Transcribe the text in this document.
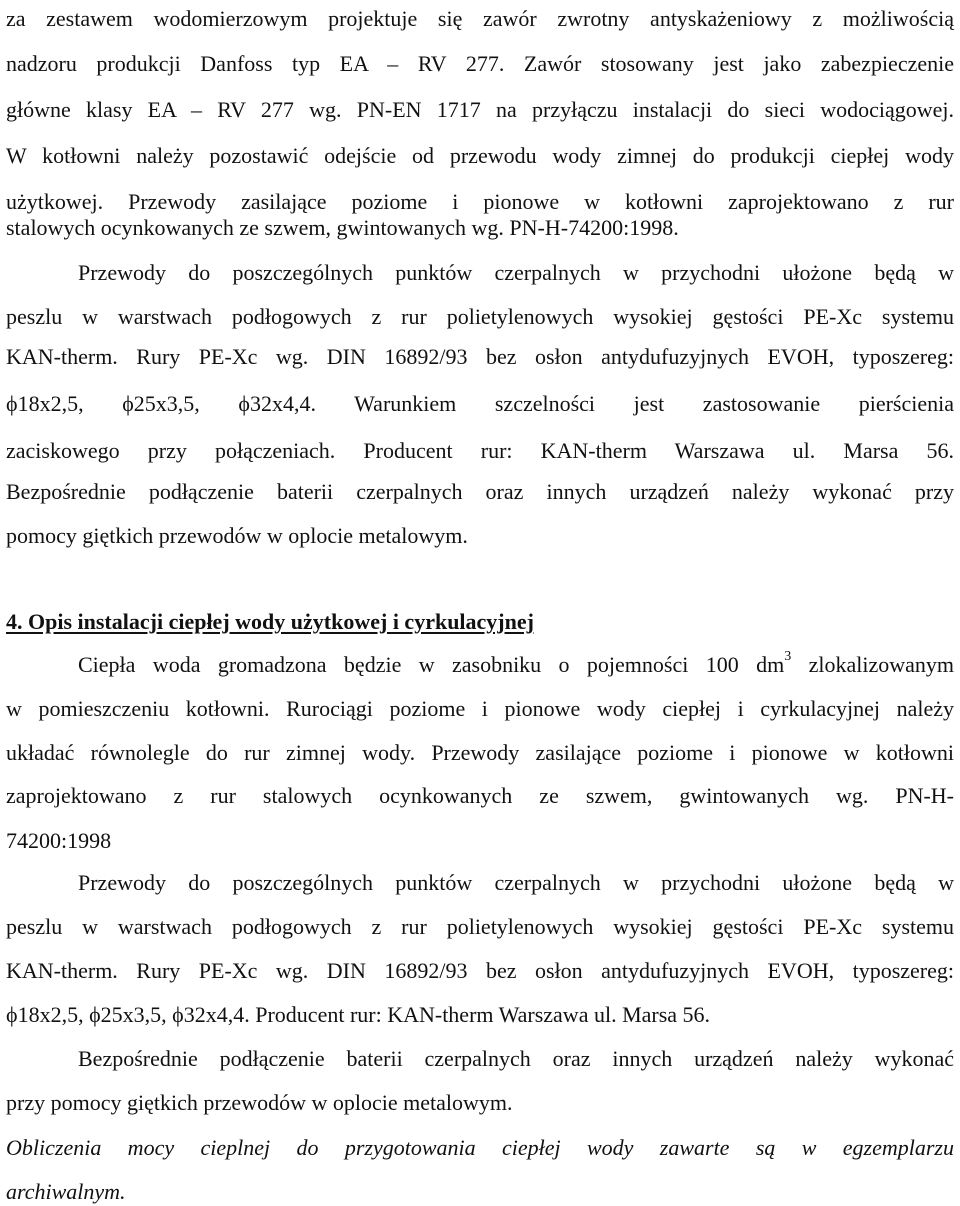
za zestawem wodomierzowym projektuje się zawór zwrotny antyskażeniowy z możliwością
nadzoru produkcji Danfoss typ EA – RV 277. Zawór stosowany jest jako zabezpieczenie
główne klasy EA – RV 277 wg. PN-EN 1717 na przyłączu instalacji do sieci wodociągowej.
W kotłowni należy pozostawić odejście od przewodu wody zimnej do produkcji ciepłej wody
użytkowej. Przewody zasilające poziome i pionowe w kotłowni zaprojektowano z rur
stalowych ocynkowanych ze szwem, gwintowanych wg. PN-H-74200:1998.
Przewody do poszczególnych punktów czerpalnych w przychodni ułożone będą w
peszlu w warstwach podłogowych z rur polietylenowych wysokiej gęstości PE-Xc systemu
KAN-therm. Rury PE-Xc wg. DIN 16892/93 bez osłon antydufuzyjnych EVOH, typoszereg:
ϕ18x2,5, ϕ25x3,5, ϕ32x4,4. Warunkiem szczelności jest zastosowanie pierścienia
zaciskowego przy połączeniach. Producent rur: KAN-therm Warszawa ul. Marsa 56.
Bezpośrednie podłączenie baterii czerpalnych oraz innych urządzeń należy wykonać przy
pomocy giętkich przewodów w oplocie metalowym.
4. Opis instalacji ciepłej wody użytkowej i cyrkulacyjnej
Ciepła woda gromadzona będzie w zasobniku o pojemności 100 $dm^3$ zlokalizowanym
w pomieszczeniu kotłowni. Rurociągi poziome i pionowe wody ciepłej i cyrkulacyjnej należy
układać równolegle do rur zimnej wody. Przewody zasilające poziome i pionowe w kotłowni
zaprojektowano z rur stalowych ocynkowanych ze szwem, gwintowanych wg. PN-H-
74200:1998
Przewody do poszczególnych punktów czerpalnych w przychodni ułożone będą w
peszlu w warstwach podłogowych z rur polietylenowych wysokiej gęstości PE-Xc systemu
KAN-therm. Rury PE-Xc wg. DIN 16892/93 bez osłon antydufuzyjnych EVOH, typoszereg:
ϕ18x2,5, ϕ25x3,5, ϕ32x4,4. Producent rur: KAN-therm Warszawa ul. Marsa 56.
Bezpośrednie podłączenie baterii czerpalnych oraz innych urządzeń należy wykonać
przy pomocy giętkich przewodów w oplocie metalowym.
Obliczenia mocy cieplnej do przygotowania ciepłej wody zawarte są w egzemplarzu
archiwalnym.
